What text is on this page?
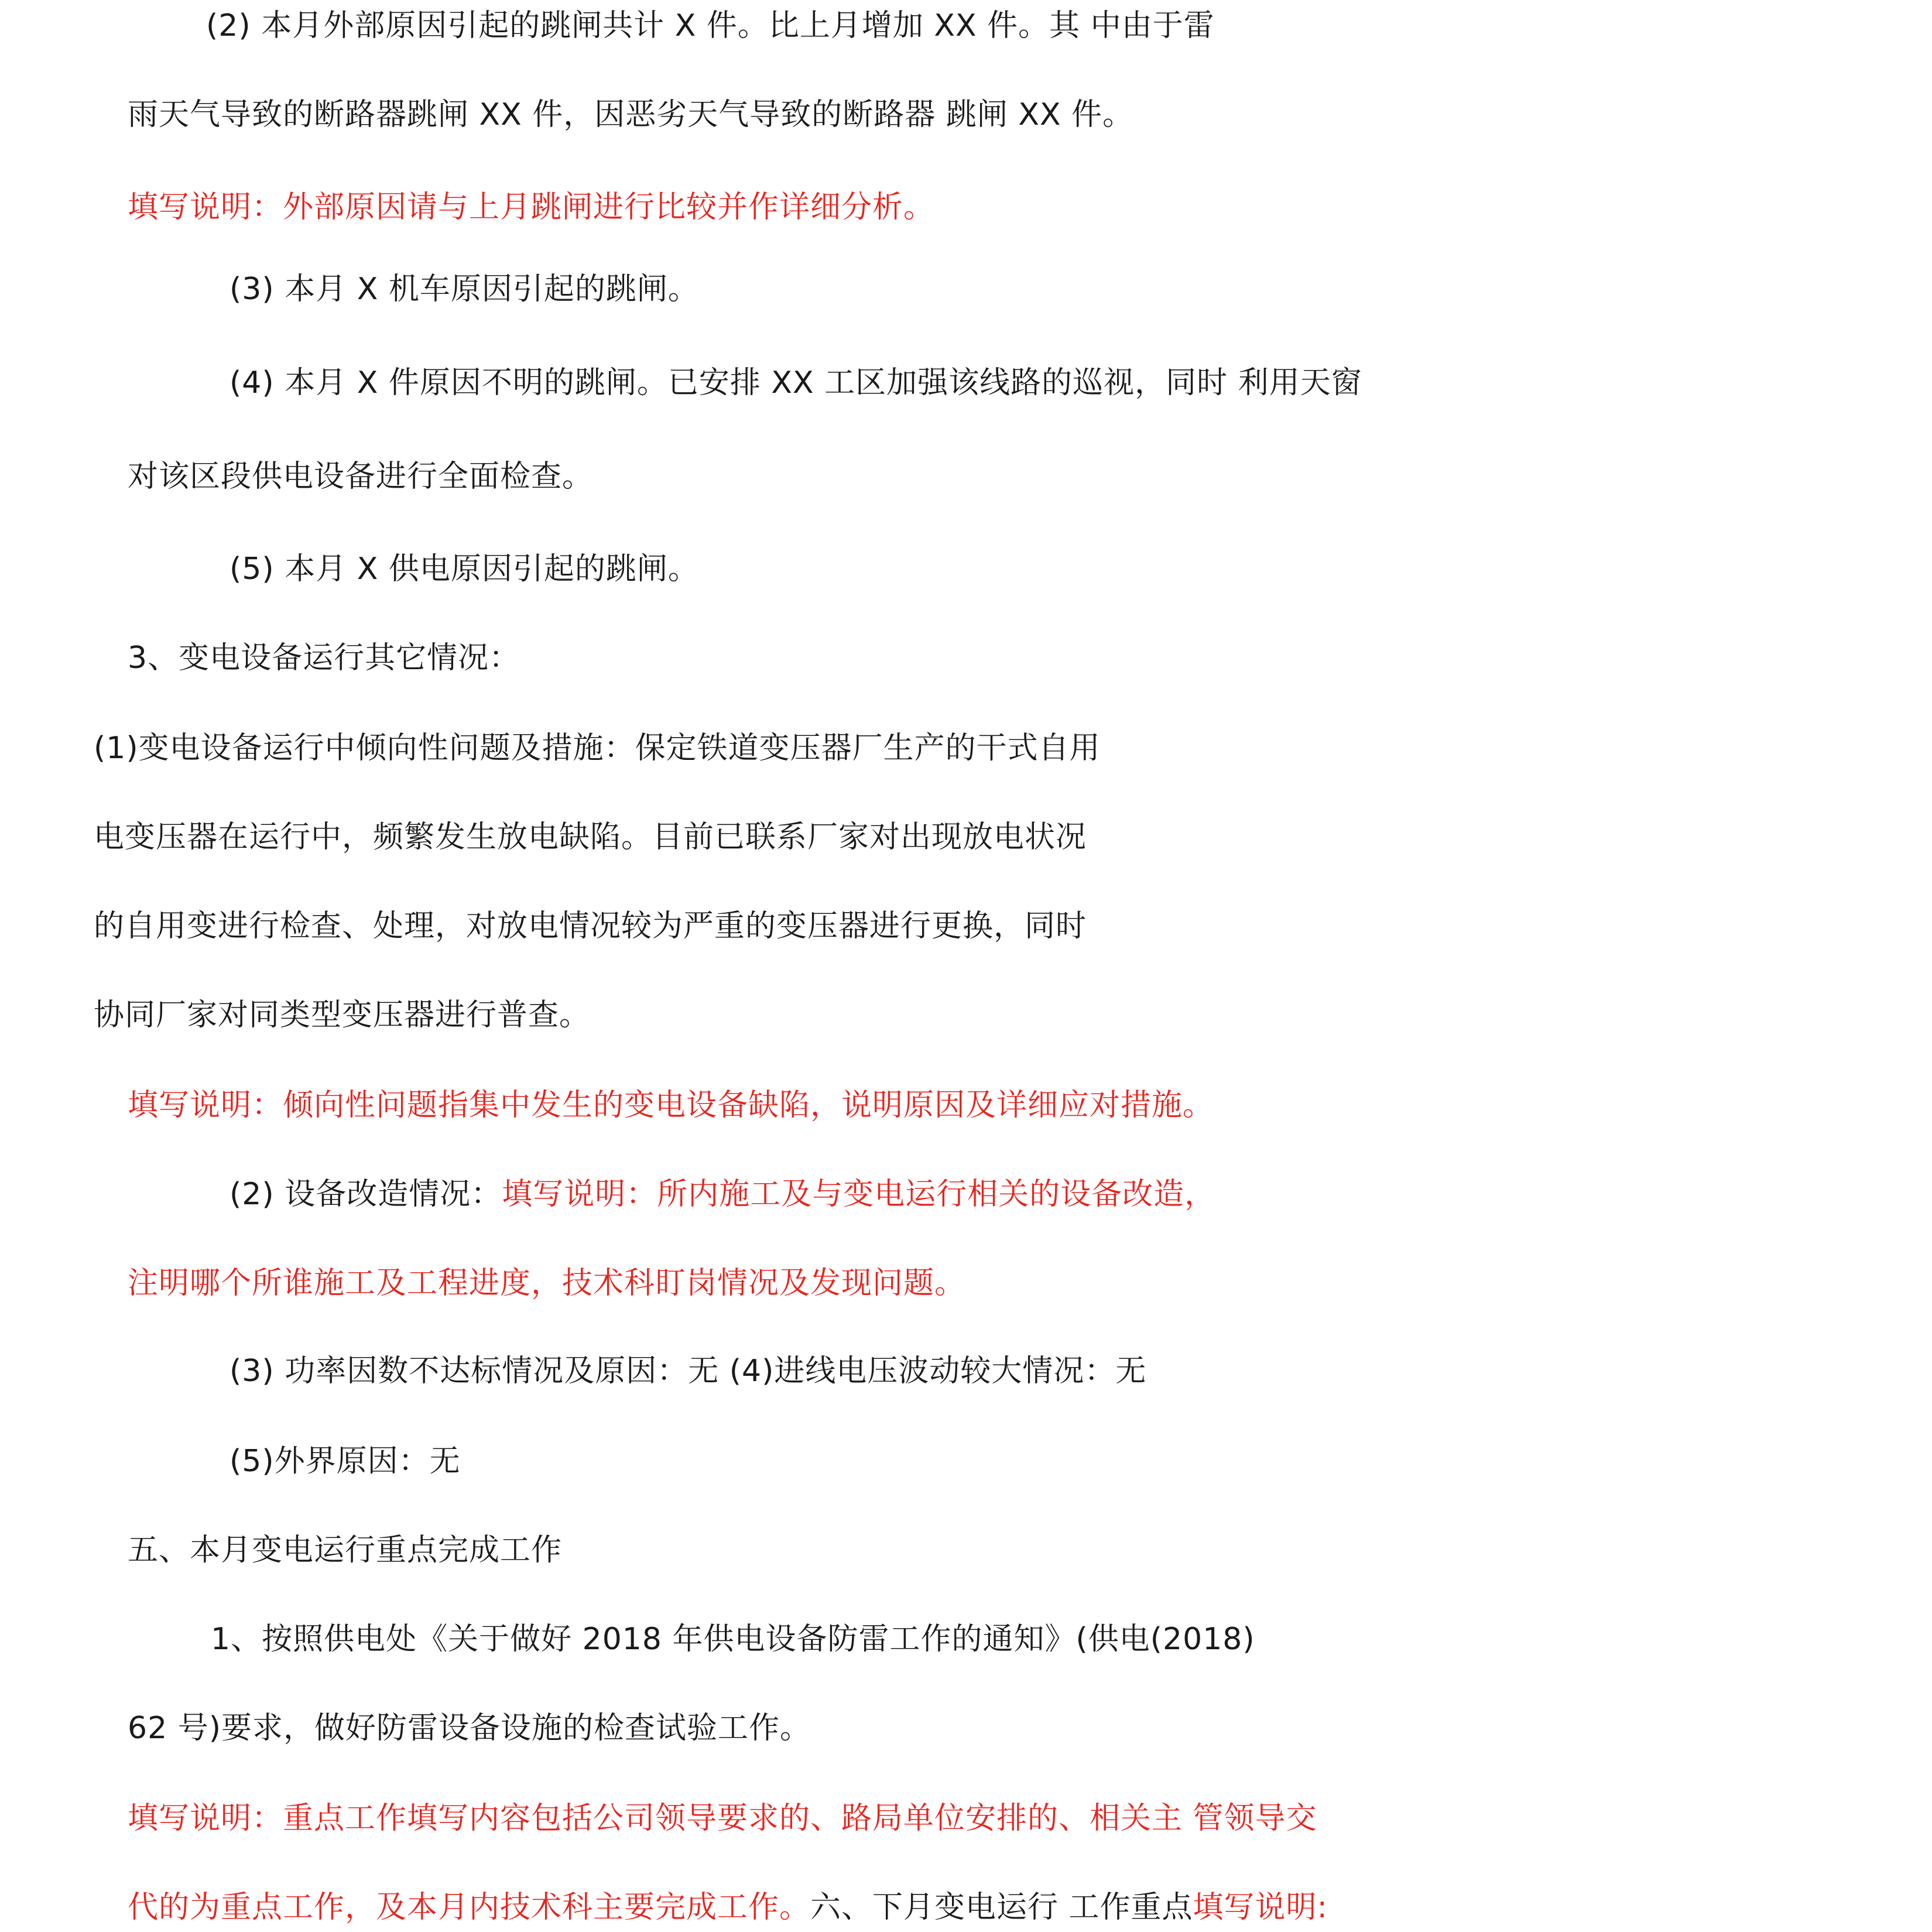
(2) 本月外部原因引起的跳闸共计 X 件。比上月增加 XX 件。其 中由于雷

雨天气导致的断路器跳闸 XX 件，因恶劣天气导致的断路器 跳闸 XX 件。

填写说明：外部原因请与上月跳闸进行比较并作详细分析。

(3) 本月 X 机车原因引起的跳闸。

(4) 本月 X 件原因不明的跳闸。已安排 XX 工区加强该线路的巡视，同时 利用天窗

对该区段供电设备进行全面检查。

(5) 本月 X 供电原因引起的跳闸。

3、变电设备运行其它情况：

(1)变电设备运行中倾向性问题及措施：保定铁道变压器厂生产的干式自用

电变压器在运行中，频繁发生放电缺陷。目前已联系厂家对出现放电状况

的自用变进行检查、处理，对放电情况较为严重的变压器进行更换，同时

协同厂家对同类型变压器进行普查。

填写说明：倾向性问题指集中发生的变电设备缺陷，说明原因及详细应对措施。

(2) 设备改造情况：填写说明：所内施工及与变电运行相关的设备改造，

注明哪个所谁施工及工程进度，技术科盯岗情况及发现问题。

(3) 功率因数不达标情况及原因：无 (4)进线电压波动较大情况：无

(5)外界原因：无

五、本月变电运行重点完成工作

1、按照供电处《关于做好 2018 年供电设备防雷工作的通知》(供电(2018)

62 号)要求，做好防雷设备设施的检查试验工作。

填写说明：重点工作填写内容包括公司领导要求的、路局单位安排的、相关主 管领导交

代的为重点工作，及本月内技术科主要完成工作。六、下月变电运行 工作重点填写说明:
